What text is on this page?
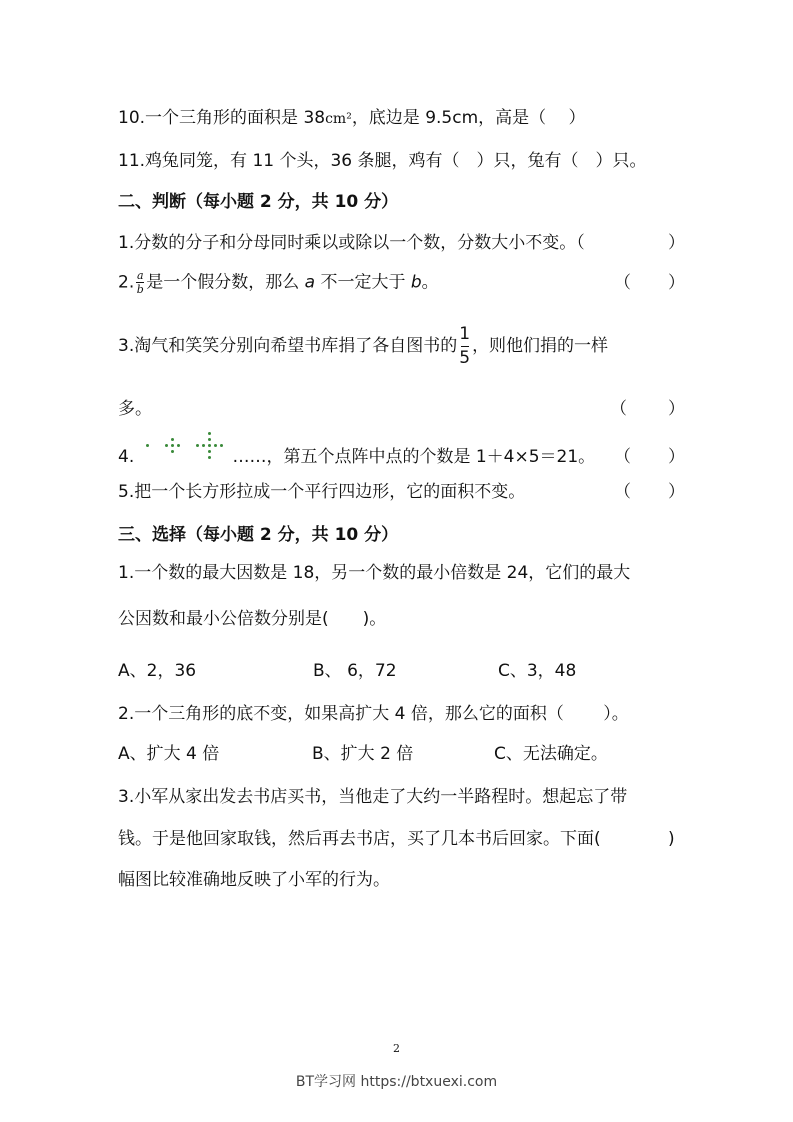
10.一个三角形的面积是 38cm²，底边是 9.5cm，高是（　 ）
11.鸡兔同笼，有 11 个头，36 条腿，鸡有（　）只，兔有（　）只。
二、判断（每小题 2 分，共 10 分）
1.分数的分子和分母同时乘以或除以一个数，分数大小不变。（	）
2. $\frac{a}{b}$ 是一个假分数，那么 a 不一定大于 b。	（ ）
3.淘气和笑笑分别向希望书库捐了各自图书的 $\frac{1}{5}$ ，则他们捐的一样
多。	（ ）
4.

	……，第五个点阵中点的个数是 1＋4×5＝21。 （ ）
5.把一个长方形拉成一个平行四边形，它的面积不变。	（ ）
三、选择（每小题 2 分，共 10 分）
1.一个数的最大因数是 18，另一个数的最小倍数是 24，它们的最大
公因数和最小公倍数分别是(　　)。
A、2，36	B、 6，72	C、3，48
2.一个三角形的底不变，如果高扩大 4 倍，那么它的面积（　　 ）。
A、扩大 4 倍	B、扩大 2 倍	C、无法确定。
3.小军从家出发去书店买书，当他走了大约一半路程时。想起忘了带
钱。于是他回家取钱，然后再去书店，买了几本书后回家。下面(	)
幅图比较准确地反映了小军的行为。
2
BT学习网 https://btxuexi.com
